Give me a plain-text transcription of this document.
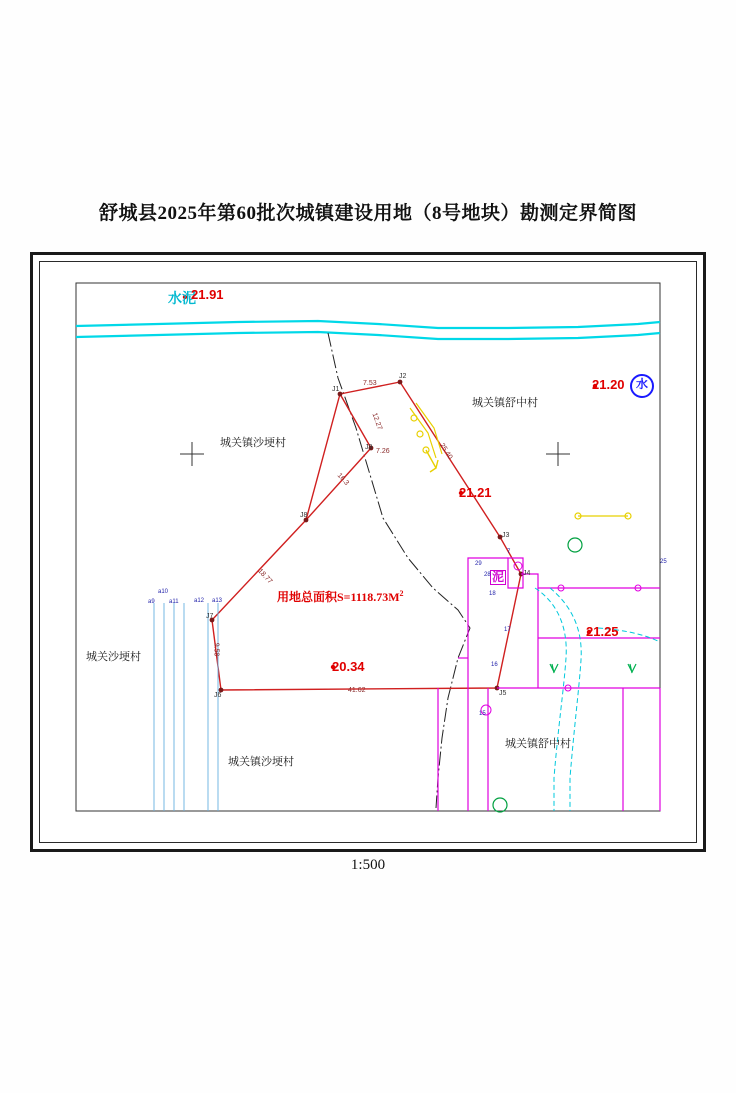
舒城县2025年第60批次城镇建设用地（8号地块）勘测定界简图
水泥
泥
水
21.91
21.20
21.21
21.25
20.34
城关镇沙埂村
城关镇舒中村
城关沙埂村
城关镇沙埂村
城关镇舒中村
用地总面积$S=1118.73M^2$
J1
J2
J3
J4
J5
J6
J7
J8
J9
7.53
25.40
16.3
18.77
9.58
41.62
7.26
12.27
a9
a10
a11	a12 a13
29
28
18
17
16
15
25
7
1:500
